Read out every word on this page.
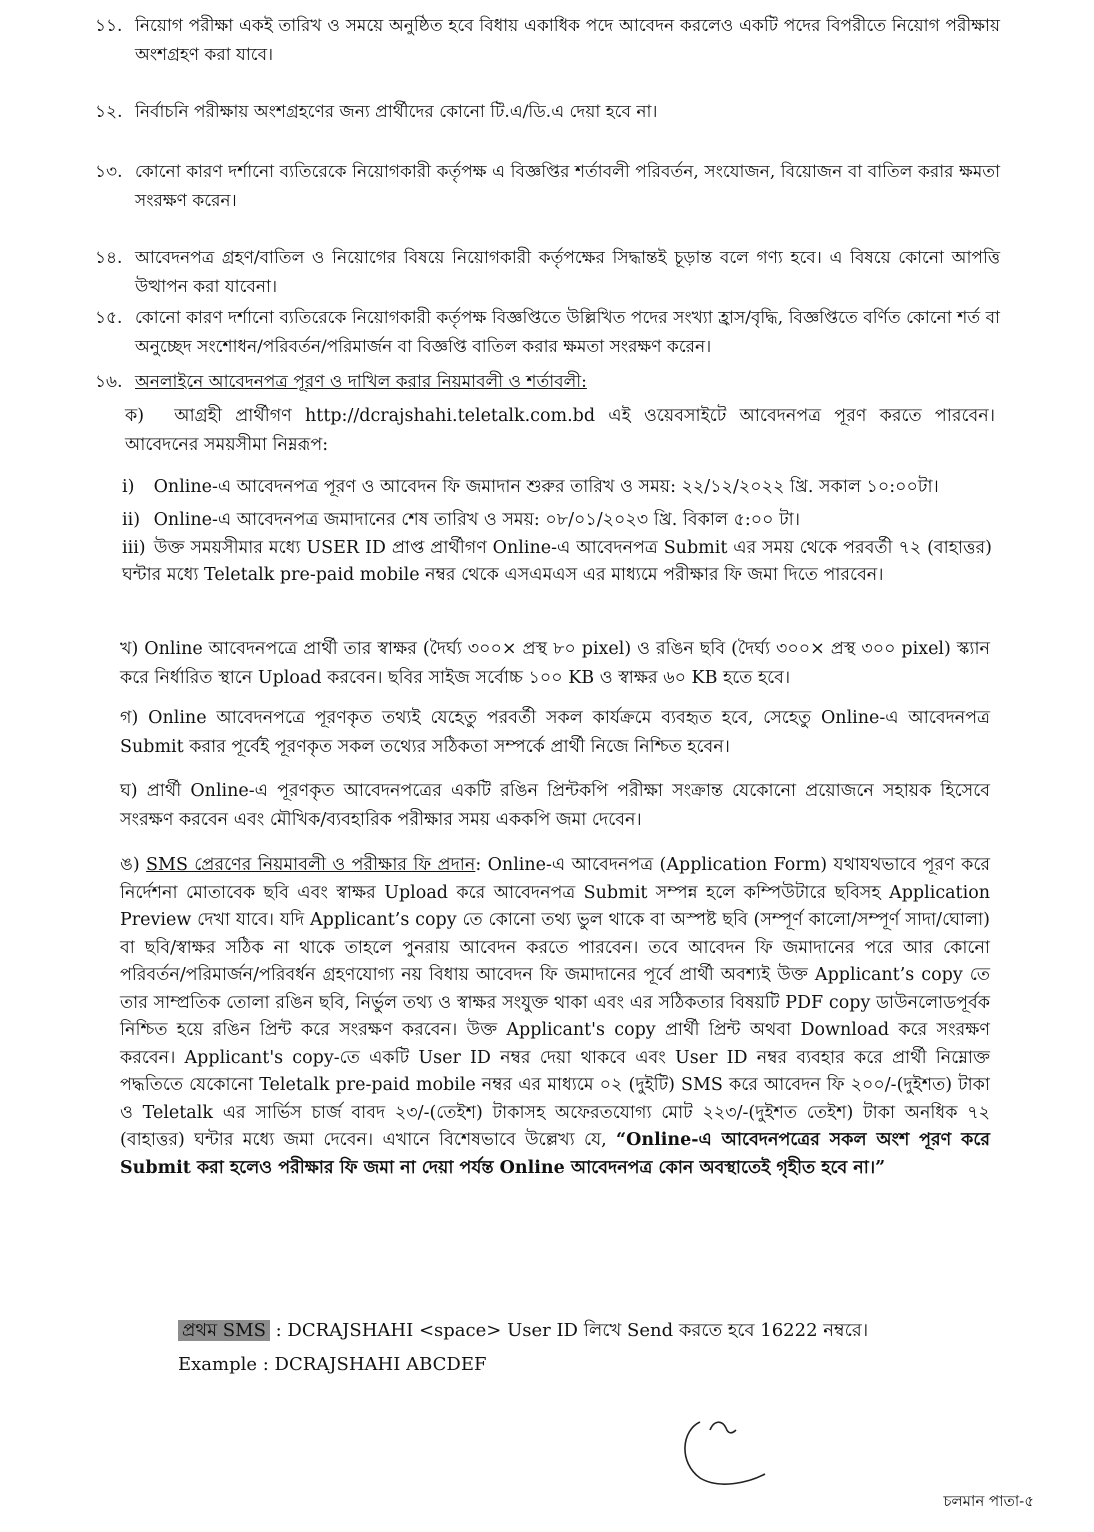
১১. নিয়োগ পরীক্ষা একই তারিখ ও সময়ে অনুষ্ঠিত হবে বিধায় একাধিক পদে আবেদন করলেও একটি পদের বিপরীতে নিয়োগ পরীক্ষায় অংশগ্রহণ করা যাবে।
১২. নির্বাচনি পরীক্ষায় অংশগ্রহণের জন্য প্রার্থীদের কোনো টি.এ/ডি.এ দেয়া হবে না।
১৩. কোনো কারণ দর্শানো ব্যতিরেকে নিয়োগকারী কর্তৃপক্ষ এ বিজ্ঞপ্তির শর্তাবলী পরিবর্তন, সংযোজন, বিয়োজন বা বাতিল করার ক্ষমতা সংরক্ষণ করেন।
১৪. আবেদনপত্র গ্রহণ/বাতিল ও নিয়োগের বিষয়ে নিয়োগকারী কর্তৃপক্ষের সিদ্ধান্তই চূড়ান্ত বলে গণ্য হবে। এ বিষয়ে কোনো আপত্তি উত্থাপন করা যাবেনা।
১৫. কোনো কারণ দর্শানো ব্যতিরেকে নিয়োগকারী কর্তৃপক্ষ বিজ্ঞপ্তিতে উল্লিখিত পদের সংখ্যা হ্রাস/বৃদ্ধি, বিজ্ঞপ্তিতে বর্ণিত কোনো শর্ত বা অনুচ্ছেদ সংশোধন/পরিবর্তন/পরিমার্জন বা বিজ্ঞপ্তি বাতিল করার ক্ষমতা সংরক্ষণ করেন।
১৬. অনলাইনে আবেদনপত্র পূরণ ও দাখিল করার নিয়মাবলী ও শর্তাবলী:
ক) আগ্রহী প্রার্থীগণ http://dcrajshahi.teletalk.com.bd এই ওয়েবসাইটে আবেদনপত্র পূরণ করতে পারবেন। আবেদনের সময়সীমা নিম্নরূপ:
i) Online-এ আবেদনপত্র পূরণ ও আবেদন ফি জমাদান শুরুর তারিখ ও সময়: ২২/১২/২০২২ খ্রি. সকাল ১০:০০টা।
ii) Online-এ আবেদনপত্র জমাদানের শেষ তারিখ ও সময়: ০৮/০১/২০২৩ খ্রি. বিকাল ৫:০০ টা।
iii) উক্ত সময়সীমার মধ্যে USER ID প্রাপ্ত প্রার্থীগণ Online-এ আবেদনপত্র Submit এর সময় থেকে পরবর্তী ৭২ (বাহাত্তর) ঘন্টার মধ্যে Teletalk pre-paid mobile নম্বর থেকে এসএমএস এর মাধ্যমে পরীক্ষার ফি জমা দিতে পারবেন।
খ) Online আবেদনপত্রে প্রার্থী তার স্বাক্ষর (দৈর্ঘ্য ৩০০× প্রস্থ ৮০ pixel) ও রঙিন ছবি (দৈর্ঘ্য ৩০০× প্রস্থ ৩০০ pixel) স্ক্যান করে নির্ধারিত স্থানে Upload করবেন। ছবির সাইজ সর্বোচ্চ ১০০ KB ও স্বাক্ষর ৬০ KB হতে হবে।
গ) Online আবেদনপত্রে পূরণকৃত তথ্যই যেহেতু পরবর্তী সকল কার্যক্রমে ব্যবহৃত হবে, সেহেতু Online-এ আবেদনপত্র Submit করার পূর্বেই পূরণকৃত সকল তথ্যের সঠিকতা সম্পর্কে প্রার্থী নিজে নিশ্চিত হবেন।
ঘ) প্রার্থী Online-এ পূরণকৃত আবেদনপত্রের একটি রঙিন প্রিন্টকপি পরীক্ষা সংক্রান্ত যেকোনো প্রয়োজনে সহায়ক হিসেবে সংরক্ষণ করবেন এবং মৌখিক/ব্যবহারিক পরীক্ষার সময় এককপি জমা দেবেন।
ঙ) SMS প্রেরণের নিয়মাবলী ও পরীক্ষার ফি প্রদান: Online-এ আবেদনপত্র (Application Form) যথাযথভাবে পূরণ করে নির্দেশনা মোতাবেক ছবি এবং স্বাক্ষর Upload করে আবেদনপত্র Submit সম্পন্ন হলে কম্পিউটারে ছবিসহ Application Preview দেখা যাবে। যদি Applicant’s copy তে কোনো তথ্য ভুল থাকে বা অস্পষ্ট ছবি (সম্পূর্ণ কালো/সম্পূর্ণ সাদা/ঘোলা) বা ছবি/স্বাক্ষর সঠিক না থাকে তাহলে পুনরায় আবেদন করতে পারবেন। তবে আবেদন ফি জমাদানের পরে আর কোনো পরিবর্তন/পরিমার্জন/পরিবর্ধন গ্রহণযোগ্য নয় বিধায় আবেদন ফি জমাদানের পূর্বে প্রার্থী অবশ্যই উক্ত Applicant’s copy তে তার সাম্প্রতিক তোলা রঙিন ছবি, নির্ভুল তথ্য ও স্বাক্ষর সংযুক্ত থাকা এবং এর সঠিকতার বিষয়টি PDF copy ডাউনলোডপূর্বক নিশ্চিত হয়ে রঙিন প্রিন্ট করে সংরক্ষণ করবেন। উক্ত Applicant's copy প্রার্থী প্রিন্ট অথবা Download করে সংরক্ষণ করবেন। Applicant's copy-তে একটি User ID নম্বর দেয়া থাকবে এবং User ID নম্বর ব্যবহার করে প্রার্থী নিম্নোক্ত পদ্ধতিতে যেকোনো Teletalk pre-paid mobile নম্বর এর মাধ্যমে ০২ (দুইটি) SMS করে আবেদন ফি ২০০/-(দুইশত) টাকা ও Teletalk এর সার্ভিস চার্জ বাবদ ২৩/-(তেইশ) টাকাসহ অফেরতযোগ্য মোট ২২৩/-(দুইশত তেইশ) টাকা অনধিক ৭২ (বাহাত্তর) ঘন্টার মধ্যে জমা দেবেন। এখানে বিশেষভাবে উল্লেখ্য যে, “Online-এ আবেদনপত্রের সকল অংশ পূরণ করে Submit করা হলেও পরীক্ষার ফি জমা না দেয়া পর্যন্ত Online আবেদনপত্র কোন অবস্থাতেই গৃহীত হবে না।”
প্রথম SMS : DCRAJSHAHI <space> User ID লিখে Send করতে হবে 16222 নম্বরে।
Example : DCRAJSHAHI ABCDEF
চলমান পাতা-৫
